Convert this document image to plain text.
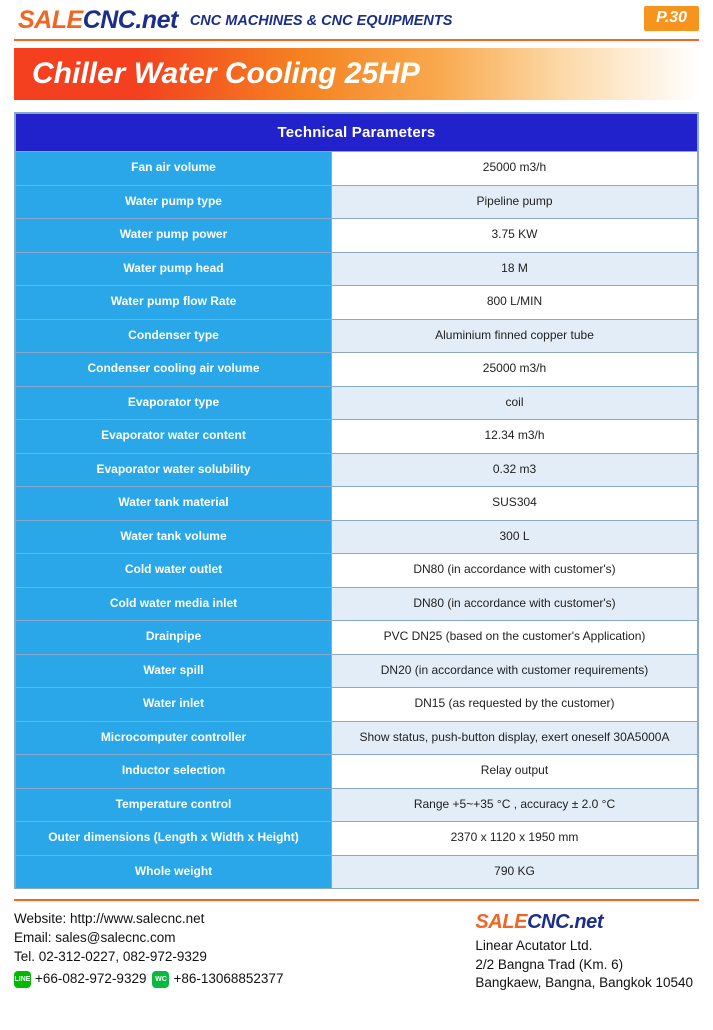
SALECNC.net CNC MACHINES & CNC EQUIPMENTS	P.30
Chiller Water Cooling 25HP
Technical Parameters	
Fan air volume	25000 m3/h
Water pump type	Pipeline pump
Water pump power	3.75 KW
Water pump head	18 M
Water pump flow Rate	800 L/MIN
Condenser type	Aluminium finned copper tube
Condenser cooling air volume	25000 m3/h
Evaporator type	coil
Evaporator water content	12.34 m3/h
Evaporator water solubility	0.32 m3
Water tank material	SUS304
Water tank volume	300 L
Cold water outlet	DN80 (in accordance with customer's)
Cold water media inlet	DN80 (in accordance with customer's)
Drainpipe	PVC DN25 (based on the customer's Application)
Water spill	DN20 (in accordance with customer requirements)
Water inlet	DN15 (as requested by the customer)
Microcomputer controller	Show status, push-button display, exert oneself 30A5000A
Inductor selection	Relay output
Temperature control	Range +5~+35 °C , accuracy ± 2.0 °C
Outer dimensions (Length x Width x Height)	2370 x 1120 x 1950 mm
Whole weight	790 KG
Website: http://www.salecnc.net
Email: sales@salecnc.com
Tel. 02-312-0227, 082-972-9329
LINE +66-082-972-9329	WC +86-13068852377
SALECNC.net
Linear Acutator Ltd.
2/2 Bangna Trad (Km. 6)
Bangkaew, Bangna, Bangkok 10540
